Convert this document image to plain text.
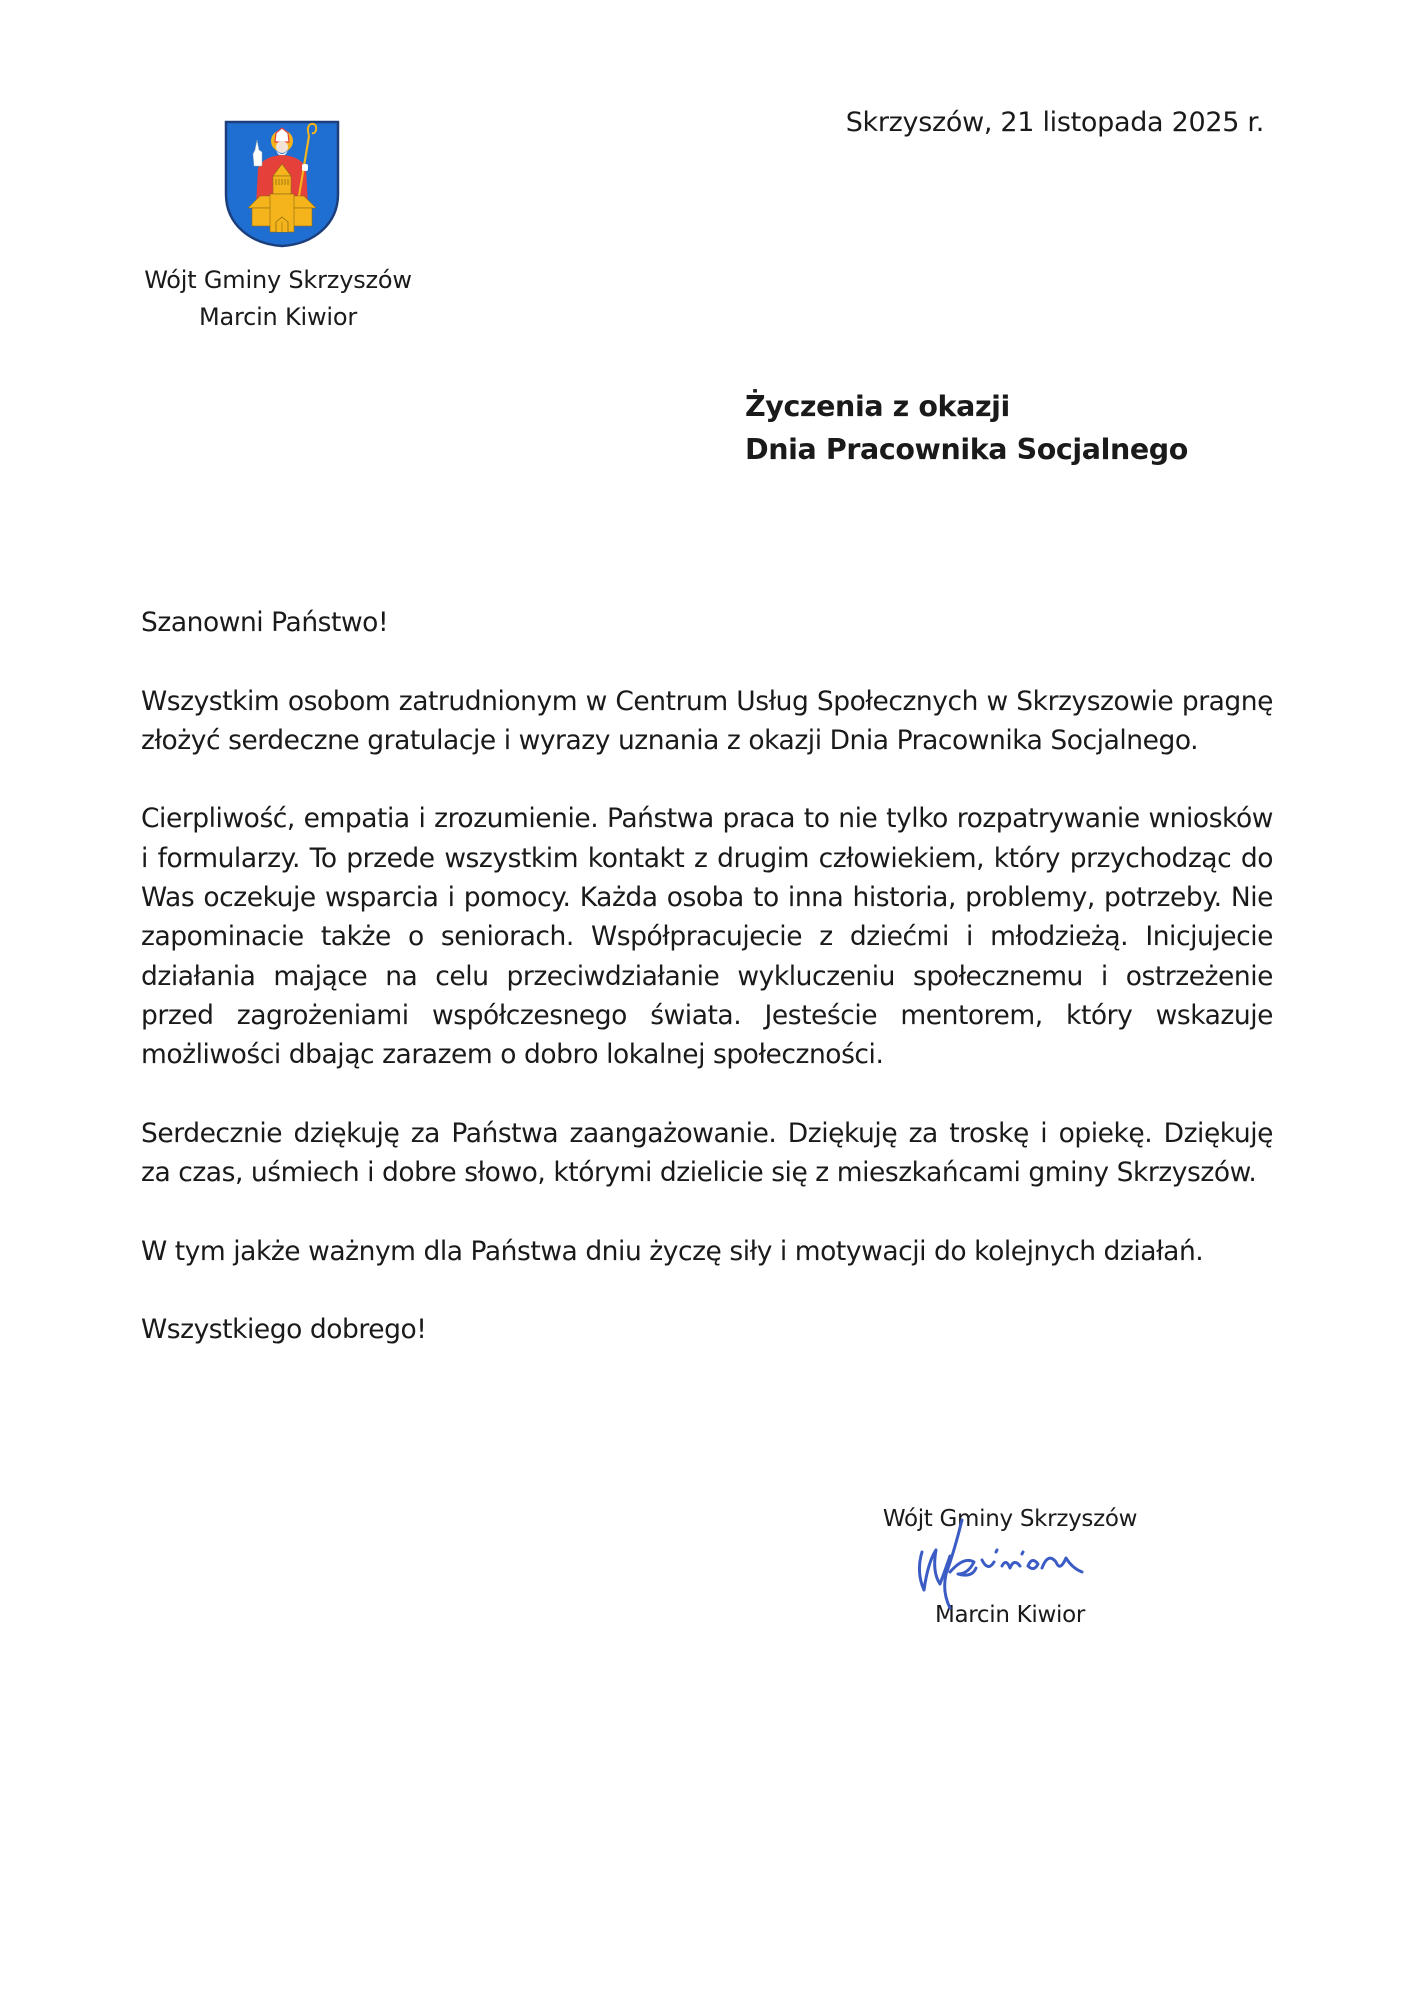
Wójt Gminy Skrzyszów
Marcin Kiwior
Skrzyszów, 21 listopada 2025 r.
Życzenia z okazji
Dnia Pracownika Socjalnego

Szanowni Państwo!

Wszystkim osobom zatrudnionym w Centrum Usług Społecznych w Skrzyszowie pragnę złożyć serdeczne gratulacje i wyrazy uznania z okazji Dnia Pracownika Socjalnego.

Cierpliwość, empatia i zrozumienie. Państwa praca to nie tylko rozpatrywanie wniosków i formularzy. To przede wszystkim kontakt z drugim człowiekiem, który przychodząc do Was oczekuje wsparcia i pomocy. Każda osoba to inna historia, problemy, potrzeby. Nie zapominacie także o seniorach. Współpracujecie z dziećmi i młodzieżą. Inicjujecie działania mające na celu przeciwdziałanie wykluczeniu społecznemu i ostrzeżenie przed zagrożeniami współczesnego świata. Jesteście mentorem, który wskazuje możliwości dbając zarazem o dobro lokalnej społeczności.

Serdecznie dziękuję za Państwa zaangażowanie. Dziękuję za troskę i opiekę. Dziękuję za czas, uśmiech i dobre słowo, którymi dzielicie się z mieszkańcami gminy Skrzyszów.

W tym jakże ważnym dla Państwa dniu życzę siły i motywacji do kolejnych działań.

Wszystkiego dobrego!

Wójt Gminy Skrzyszów
Marcin Kiwior
